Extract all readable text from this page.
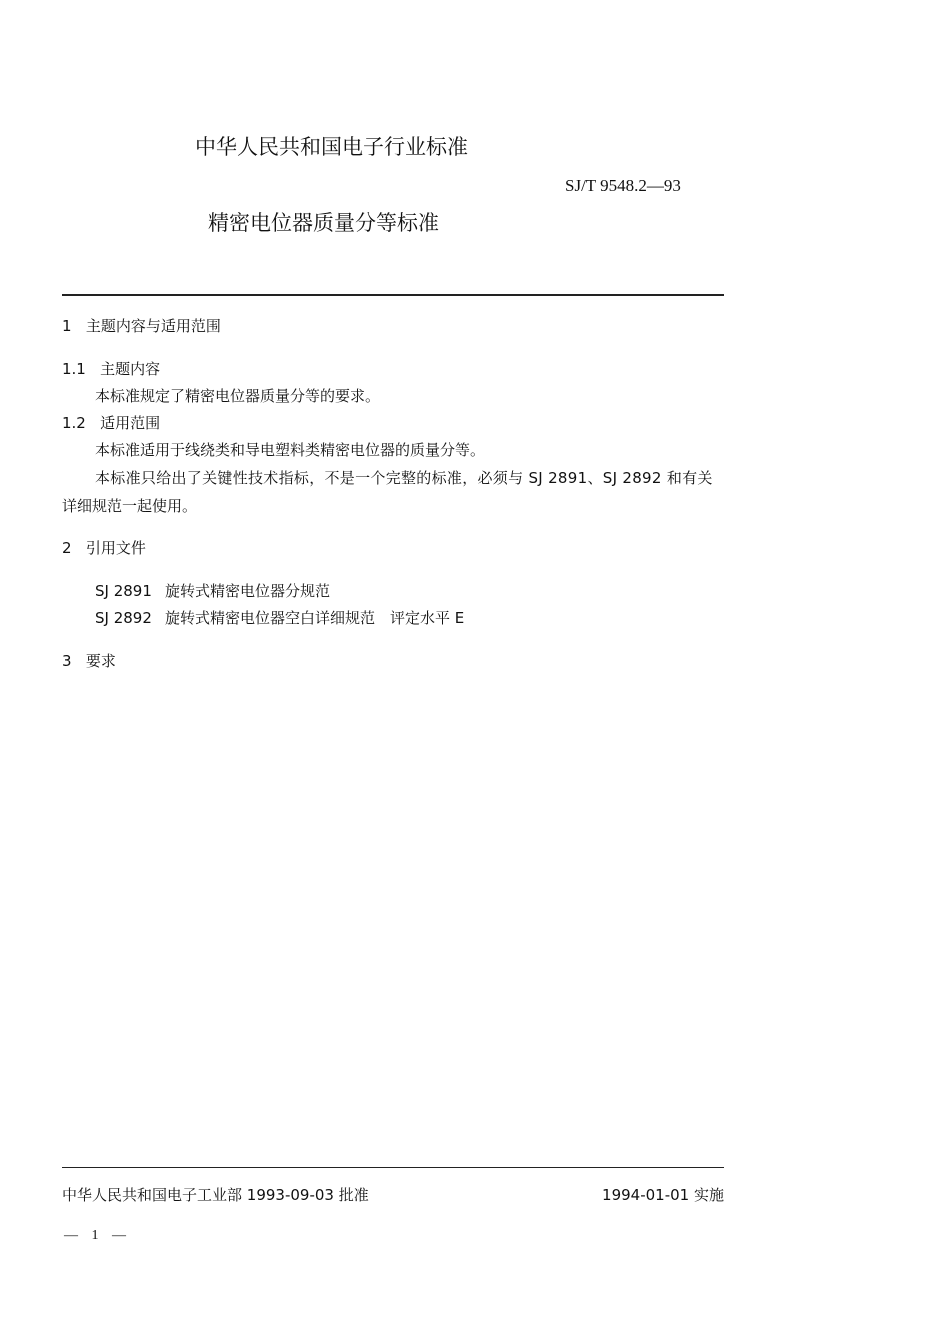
中华人民共和国电子行业标准
SJ/T 9548.2—93
精密电位器质量分等标准
1 主题内容与适用范围
1.1 主题内容
本标准规定了精密电位器质量分等的要求。
1.2 适用范围
本标准适用于线绕类和导电塑料类精密电位器的质量分等。
本标准只给出了关键性技术指标，不是一个完整的标准，必须与 SJ 2891、SJ 2892 和有关
详细规范一起使用。
2 引用文件
SJ 2891 旋转式精密电位器分规范
SJ 2892 旋转式精密电位器空白详细规范　评定水平 E
3 要求
中华人民共和国电子工业部 1993-09-03 批准	1994-01-01 实施
— 1 —
